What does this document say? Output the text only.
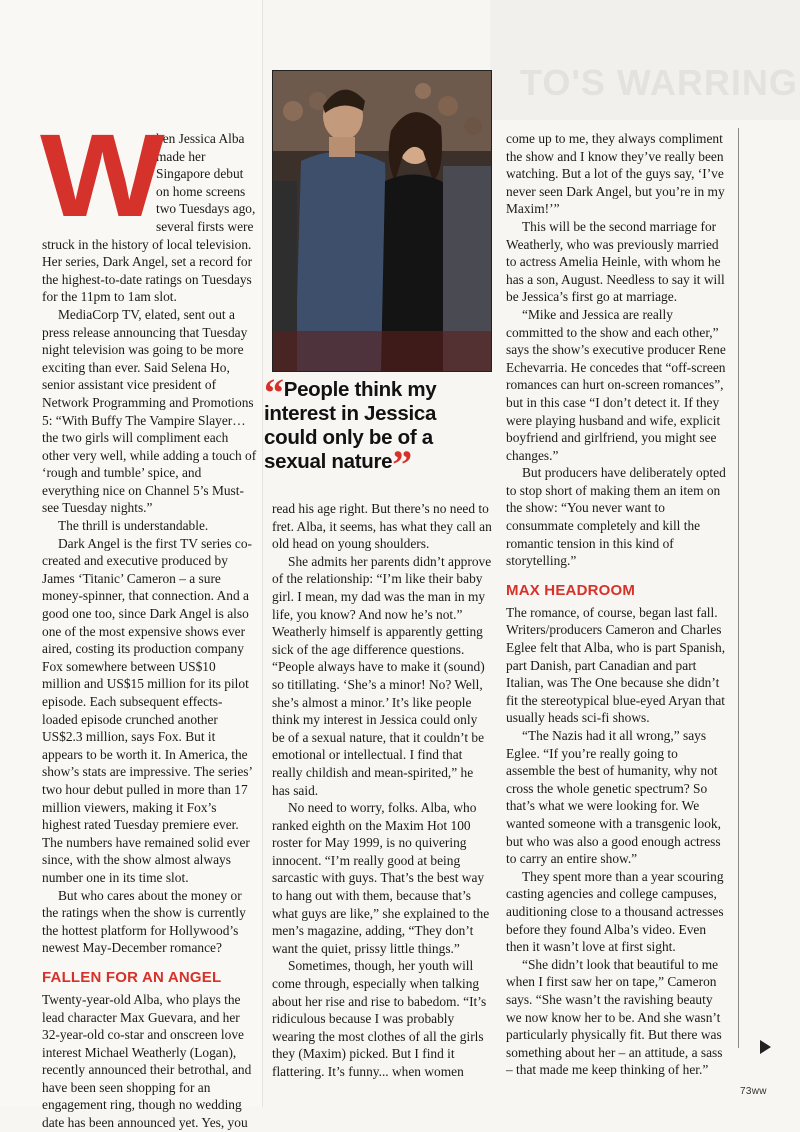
TO'S WARRING
W

hen Jessica Alba made her Singapore debut on home screens two Tuesdays ago, several firsts were struck in the history of local television. Her series, Dark Angel, set a record for the highest-to-date ratings on Tuesdays for the 11pm to 1am slot.

MediaCorp TV, elated, sent out a press release announcing that Tuesday night television was going to be more exciting than ever. Said Selena Ho, senior assistant vice president of Network Programming and Promotions 5: “With Buffy The Vampire Slayer… the two girls will compliment each other very well, while adding a touch of ‘rough and tumble’ spice, and everything nice on Channel 5’s Must-see Tuesday nights.”

The thrill is understandable.

Dark Angel is the first TV series co-created and executive produced by James ‘Titanic’ Cameron – a sure money-spinner, that connection. And a good one too, since Dark Angel is also one of the most expensive shows ever aired, costing its production company Fox somewhere between US$10 million and US$15 million for its pilot episode. Each subsequent effects-loaded episode crunched another US$2.3 million, says Fox. But it appears to be worth it. In America, the show’s stats are impressive. The series’ two hour debut pulled in more than 17 million viewers, making it Fox’s highest rated Tuesday premiere ever. The numbers have remained solid ever since, with the show almost always number one in its time slot.

But who cares about the money or the ratings when the show is currently the hottest platform for Hollywood’s newest May-December romance?

FALLEN FOR AN ANGEL

Twenty-year-old Alba, who plays the lead character Max Guevara, and her 32-year-old co-star and onscreen love interest Michael Weatherly (Logan), recently announced their betrothal, and have been seen shopping for an engagement ring, though no wedding date has been announced yet. Yes, you

“People think my interest in Jessica could only be of a sexual nature”

read his age right. But there’s no need to fret. Alba, it seems, has what they call an old head on young shoulders.

She admits her parents didn’t approve of the relationship: “I’m like their baby girl. I mean, my dad was the man in my life, you know? And now he’s not.” Weatherly himself is apparently getting sick of the age difference questions. “People always have to make it (sound) so titillating. ‘She’s a minor! No? Well, she’s almost a minor.’ It’s like people think my interest in Jessica could only be of a sexual nature, that it couldn’t be emotional or intellectual. I find that really childish and mean-spirited,” he has said.

No need to worry, folks. Alba, who ranked eighth on the Maxim Hot 100 roster for May 1999, is no quivering innocent. “I’m really good at being sarcastic with guys. That’s the best way to hang out with them, because that’s what guys are like,” she explained to the men’s magazine, adding, “They don’t want the quiet, prissy little things.”

Sometimes, though, her youth will come through, especially when talking about her rise and rise to babedom. “It’s ridiculous because I was probably wearing the most clothes of all the girls they (Maxim) picked. But I find it flattering. It’s funny... when women

come up to me, they always compliment the show and I know they’ve really been watching. But a lot of the guys say, ‘I’ve never seen Dark Angel, but you’re in my Maxim!’”

This will be the second marriage for Weatherly, who was previously married to actress Amelia Heinle, with whom he has a son, August. Needless to say it will be Jessica’s first go at marriage.

“Mike and Jessica are really committed to the show and each other,” says the show’s executive producer Rene Echevarria. He concedes that “off-screen romances can hurt on-screen romances”, but in this case “I don’t detect it. If they were playing husband and wife, explicit boyfriend and girlfriend, you might see changes.”

But producers have deliberately opted to stop short of making them an item on the show: “You never want to consummate completely and kill the romantic tension in this kind of storytelling.”

MAX HEADROOM

The romance, of course, began last fall. Writers/producers Cameron and Charles Eglee felt that Alba, who is part Spanish, part Danish, part Canadian and part Italian, was The One because she didn’t fit the stereotypical blue-eyed Aryan that usually heads sci-fi shows.

“The Nazis had it all wrong,” says Eglee. “If you’re really going to assemble the best of humanity, why not cross the whole genetic spectrum? So that’s what we were looking for. We wanted someone with a transgenic look, but who was also a good enough actress to carry an entire show.”

They spent more than a year scouring casting agencies and college campuses, auditioning close to a thousand actresses before they found Alba’s video. Even then it wasn’t love at first sight.

“She didn’t look that beautiful to me when I first saw her on tape,” Cameron says. “She wasn’t the ravishing beauty we now know her to be. And she wasn’t particularly physically fit. But there was something about her – an attitude, a sass – that made me keep thinking of her.”

73ww
